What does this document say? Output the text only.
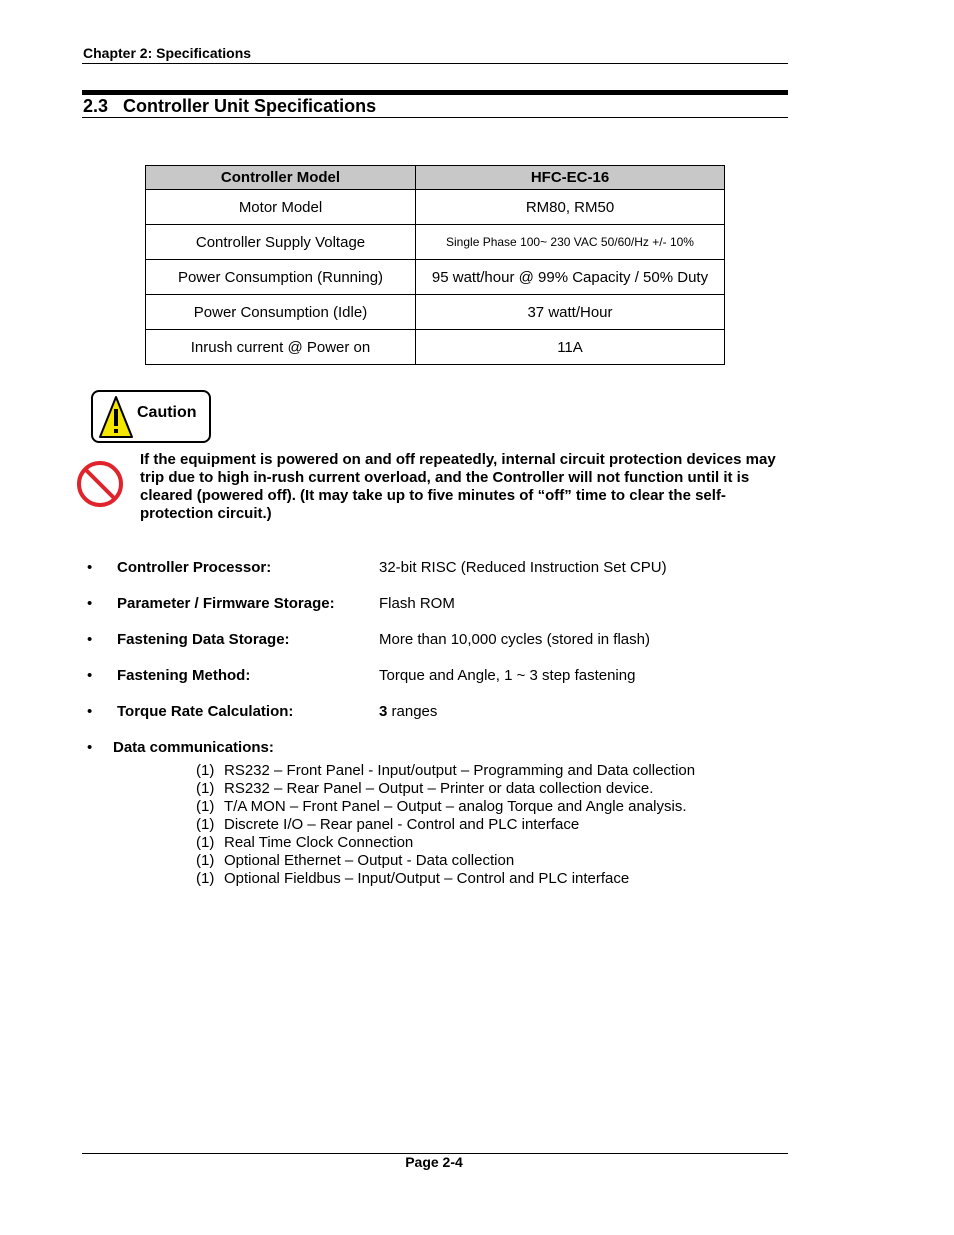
Chapter 2: Specifications
2.3 Controller Unit Specifications
Controller Model	HFC-EC-16
Motor Model	RM80, RM50
Controller Supply Voltage	Single Phase 100~ 230 VAC 50/60/Hz +/- 10%
Power Consumption (Running)	95 watt/hour @ 99% Capacity / 50% Duty
Power Consumption (Idle)	37 watt/Hour
Inrush current @ Power on	11A
Caution
If the equipment is powered on and off repeatedly, internal circuit protection devices may trip due to high in-rush current overload, and the Controller will not function until it is cleared (powered off). (It may take up to five minutes of “off” time to clear the self-protection circuit.)
• Controller Processor:	32-bit RISC (Reduced Instruction Set CPU)
• Parameter / Firmware Storage:	Flash ROM
• Fastening Data Storage:	More than 10,000 cycles (stored in flash)
• Fastening Method:	Torque and Angle, 1 ~ 3 step fastening
• Torque Rate Calculation:	3 ranges
• Data communications:
(1) RS232 – Front Panel - Input/output – Programming and Data collection
(1) RS232 – Rear Panel – Output – Printer or data collection device.
(1) T/A MON – Front Panel – Output – analog Torque and Angle analysis.
(1) Discrete I/O – Rear panel - Control and PLC interface
(1) Real Time Clock Connection
(1) Optional Ethernet – Output - Data collection
(1) Optional Fieldbus – Input/Output – Control and PLC interface
Page 2-4
